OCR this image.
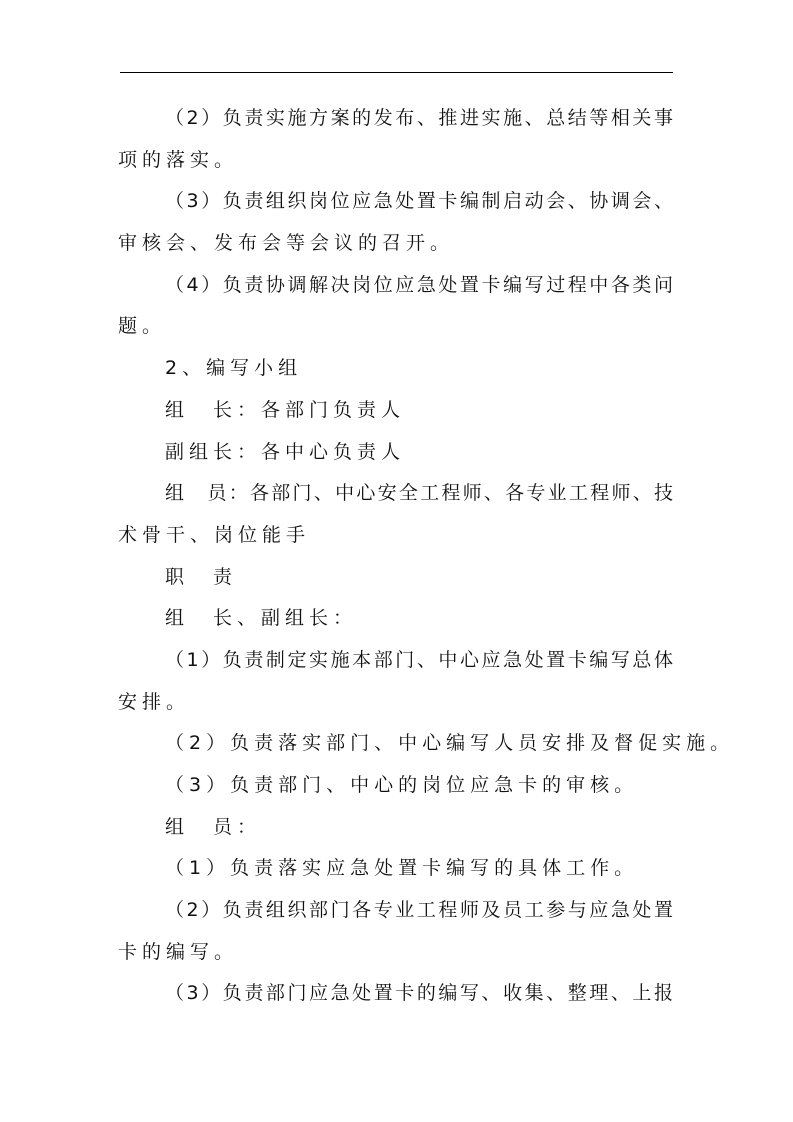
（2）负责实施方案的发布、推进实施、总结等相关事
项的落实。
（3）负责组织岗位应急处置卡编制启动会、协调会、
审核会、发布会等会议的召开。
（4）负责协调解决岗位应急处置卡编写过程中各类问
题。
2、编写小组
组　长：各部门负责人
副组长：各中心负责人
组　员：各部门、中心安全工程师、各专业工程师、技
术骨干、岗位能手
职　责
组　长、副组长：
（1）负责制定实施本部门、中心应急处置卡编写总体
安排。
（2）负责落实部门、中心编写人员安排及督促实施。
（3）负责部门、中心的岗位应急卡的审核。
组　员：
（1）负责落实应急处置卡编写的具体工作。
（2）负责组织部门各专业工程师及员工参与应急处置
卡的编写。
（3）负责部门应急处置卡的编写、收集、整理、上报
